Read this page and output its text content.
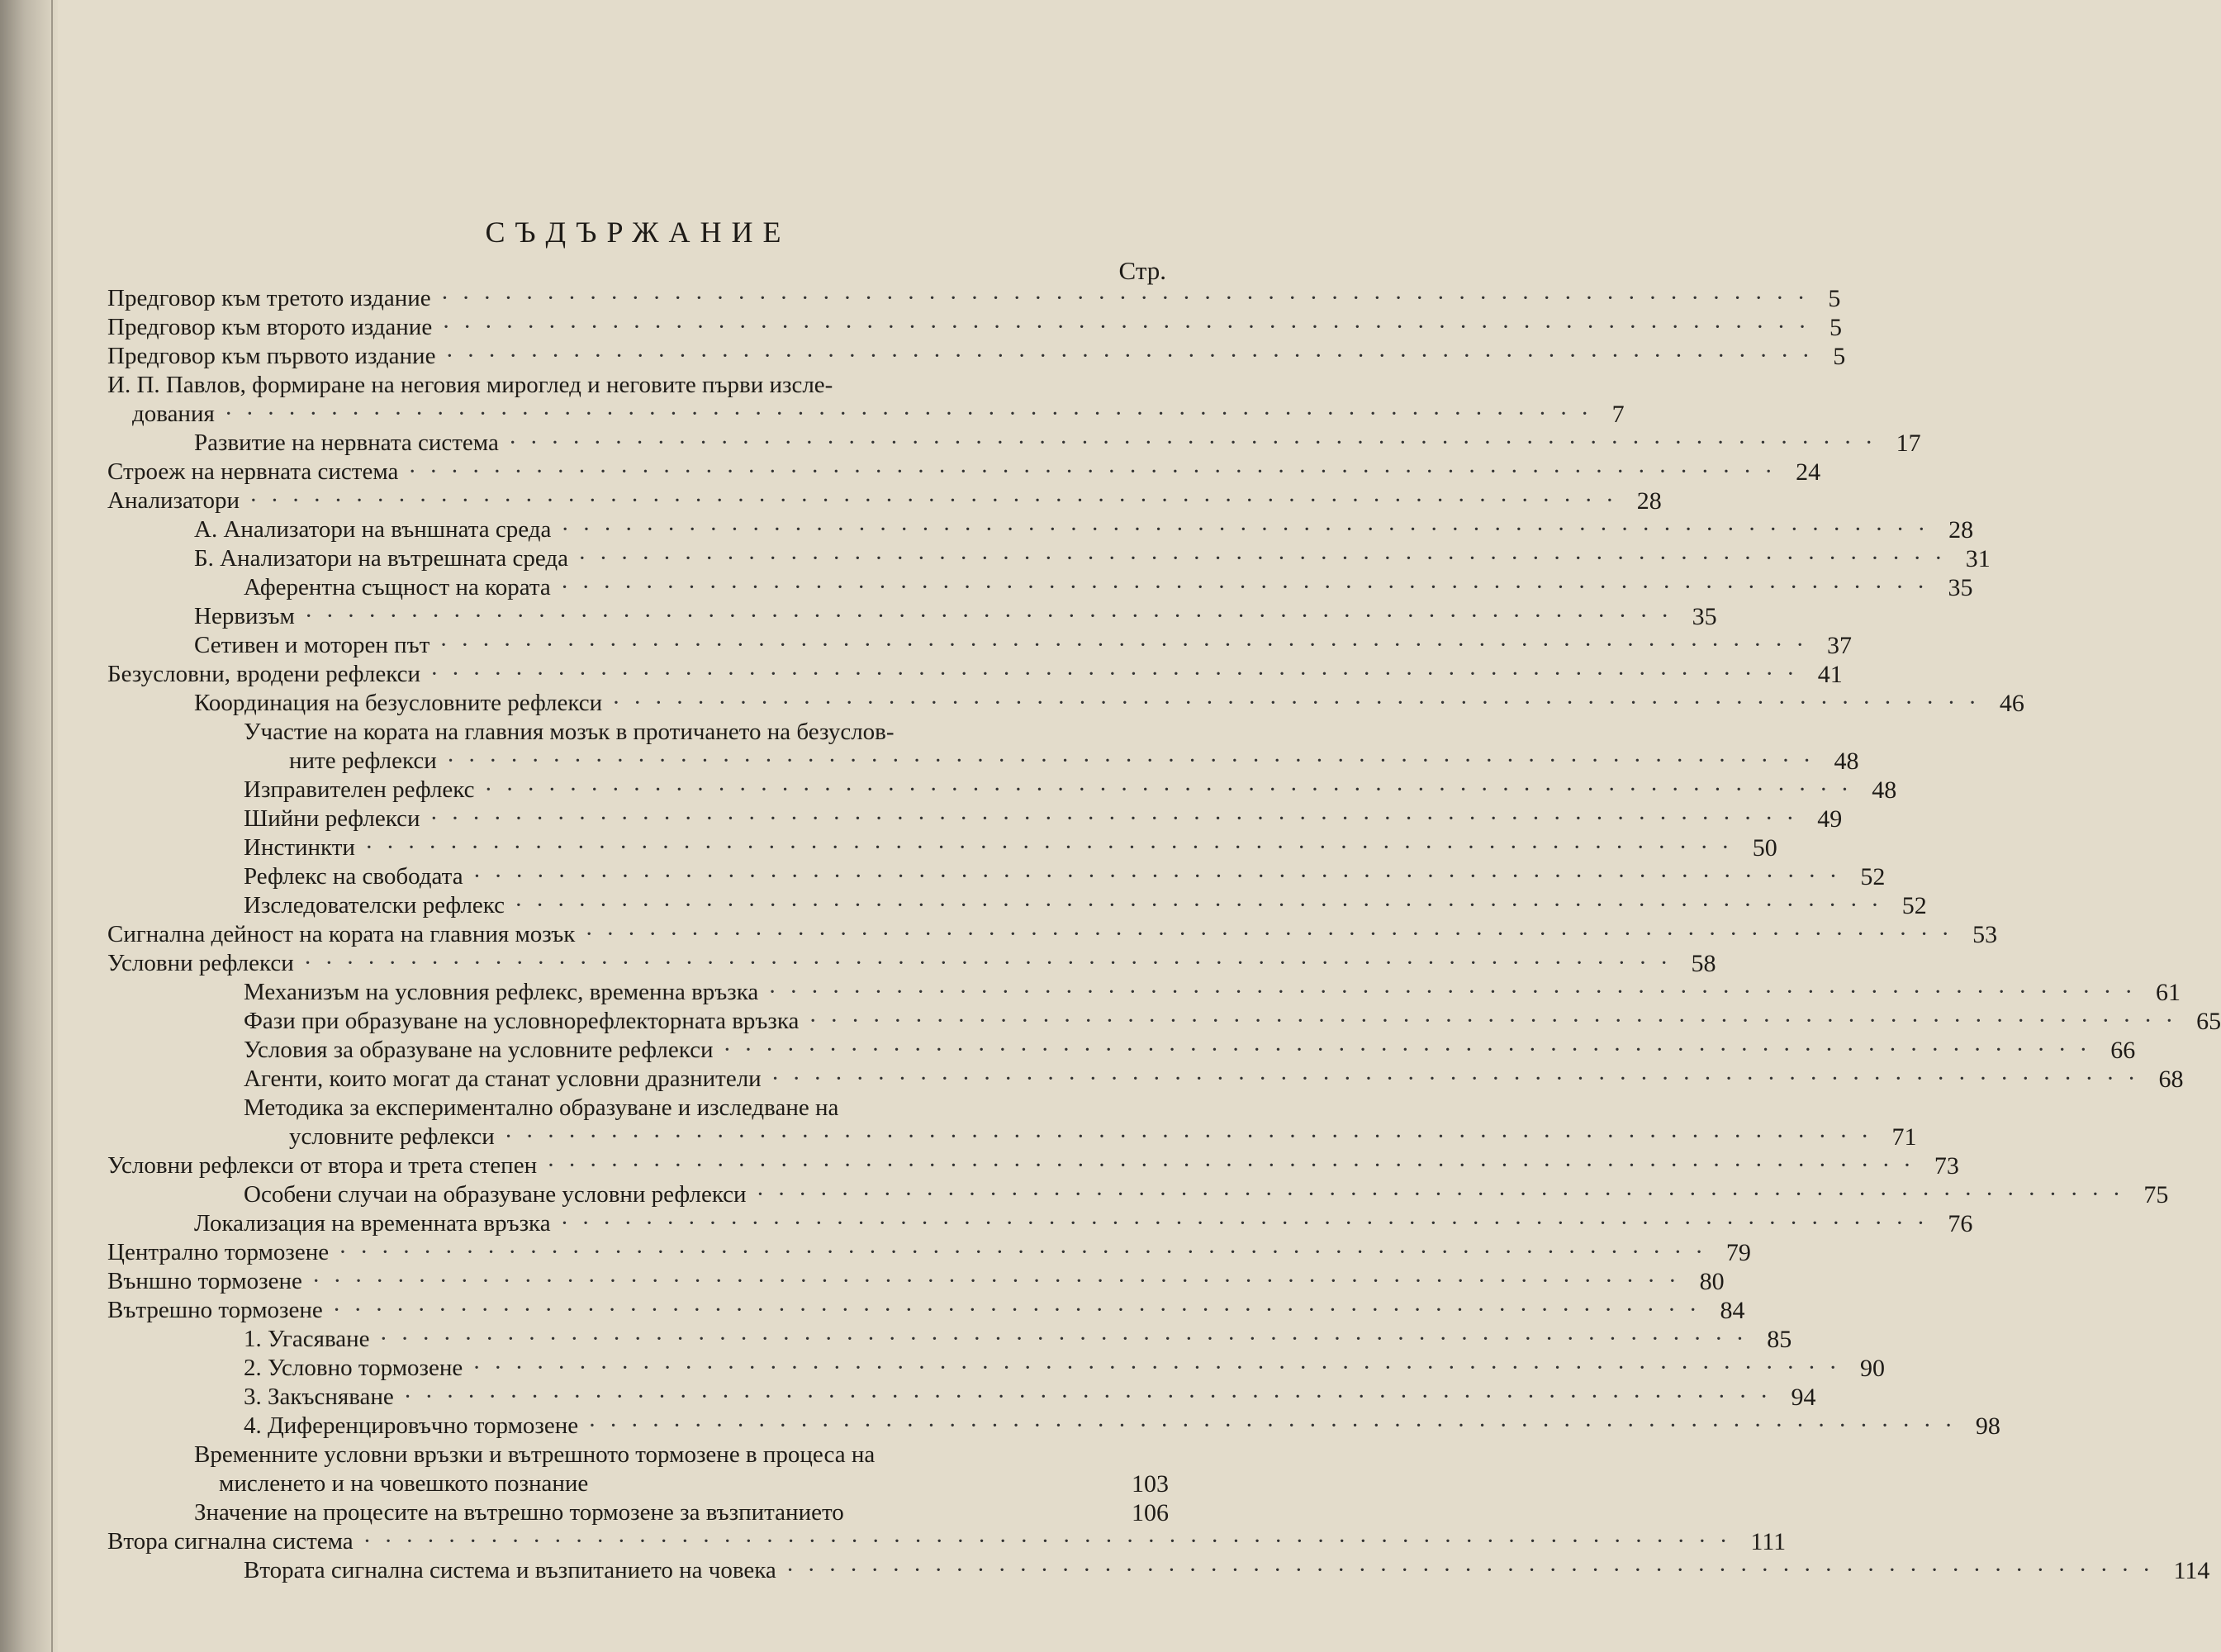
СЪДЪРЖАНИЕ
Стр.
Предговор към третото издание ································································· 5
Предговор към второто издание ································································· 5
Предговор към първото издание ································································· 5
И. П. Павлов, формиране на неговия мироглед и неговите първи изсле-
дования ································································· 7
Развитие на нервната система ································································· 17
Строеж на нервната система ································································· 24
Анализатори ································································· 28
А. Анализатори на външната среда ································································· 28
Б. Анализатори на вътрешната среда ································································· 31
Аферентна същност на кората ································································· 35
Нервизъм ································································· 35
Сетивен и моторен път ································································· 37
Безусловни, вродени рефлекси ································································· 41
Координация на безусловните рефлекси ································································· 46
Участие на кората на главния мозък в протичането на безуслов-
ните рефлекси ································································· 48
Изправителен рефлекс ································································· 48
Шийни рефлекси ································································· 49
Инстинкти ································································· 50
Рефлекс на свободата ································································· 52
Изследователски рефлекс ································································· 52
Сигнална дейност на кората на главния мозък ································································· 53
Условни рефлекси ································································· 58
Механизъм на условния рефлекс, временна връзка ································································· 61
Фази при образуване на условнорефлекторната връзка ································································· 65
Условия за образуване на условните рефлекси ································································· 66
Агенти, които могат да станат условни дразнители ································································· 68
Методика за експериментално образуване и изследване на
условните рефлекси ································································· 71
Условни рефлекси от втора и трета степен ································································· 73
Особени случаи на образуване условни рефлекси ································································· 75
Локализация на временната връзка ································································· 76
Централно тормозене ································································· 79
Външно тормозене ································································· 80
Вътрешно тормозене ································································· 84
1. Угасяване ································································· 85
2. Условно тормозене ································································· 90
3. Закъсняване ································································· 94
4. Диференцировъчно тормозене ································································· 98
Временните условни връзки и вътрешното тормозене в процеса на
мисленето и на човешкото познание	103
Значение на процесите на вътрешно тормозене за възпитанието	106
Втора сигнална система ································································· 111
Втората сигнална система и възпитанието на човека ································································· 114
